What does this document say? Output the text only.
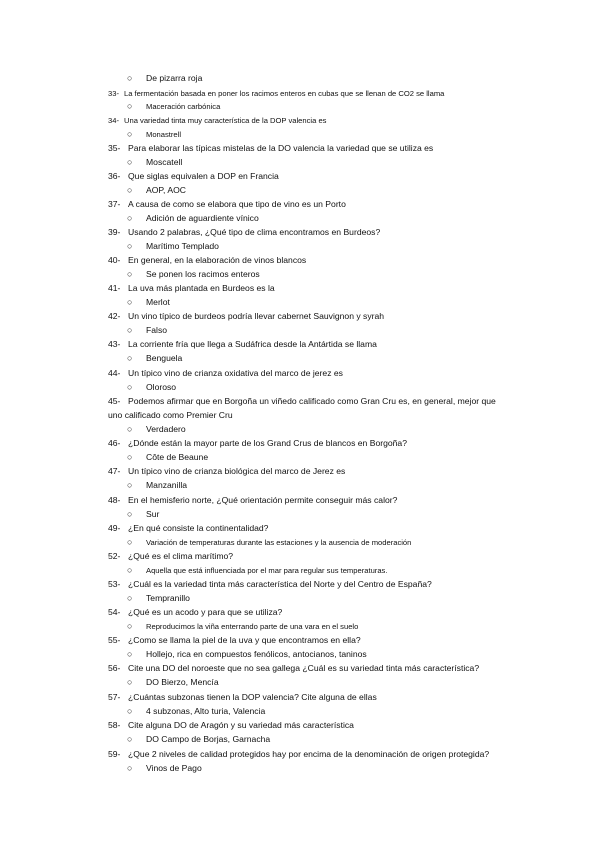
○ De pizarra roja
33- La fermentación basada en poner los racimos enteros en cubas que se llenan de CO2 se llama
○ Maceración carbónica
34- Una variedad tinta muy característica de la DOP valencia es
○ Monastrell
35- Para elaborar las típicas mistelas de la DO valencia la variedad que se utiliza es
○ Moscatell
36- Que siglas equivalen a DOP en Francia
○ AOP, AOC
37- A causa de como se elabora que tipo de vino es un Porto
○ Adición de aguardiente vínico
39- Usando 2 palabras, ¿Qué tipo de clima encontramos en Burdeos?
○ Marítimo Templado
40- En general, en la elaboración de vinos blancos
○ Se ponen los racimos enteros
41- La uva más plantada en Burdeos es la
○ Merlot
42- Un vino típico de burdeos podría llevar cabernet Sauvignon y syrah
○ Falso
43- La corriente fría que llega a Sudáfrica desde la Antártida se llama
○ Benguela
44- Un típico vino de crianza oxidativa del marco de jerez es
○ Oloroso
45- Podemos afirmar que en Borgoña un viñedo calificado como Gran Cru es, en general, mejor que
uno calificado como Premier Cru
○ Verdadero
46- ¿Dónde están la mayor parte de los Grand Crus de blancos en Borgoña?
○ Côte de Beaune
47- Un típico vino de crianza biológica del marco de Jerez es
○ Manzanilla
48- En el hemisferio norte, ¿Qué orientación permite conseguir más calor?
○ Sur
49- ¿En qué consiste la continentalidad?
○ Variación de temperaturas durante las estaciones y la ausencia de moderación
52- ¿Qué es el clima marítimo?
○ Aquella que está influenciada por el mar para regular sus temperaturas.
53- ¿Cuál es la variedad tinta más característica del Norte y del Centro de España?
○ Tempranillo
54- ¿Qué es un acodo y para que se utiliza?
○ Reproducimos la viña enterrando parte de una vara en el suelo
55- ¿Como se llama la piel de la uva y que encontramos en ella?
○ Hollejo, rica en compuestos fenólicos, antocianos, taninos
56- Cite una DO del noroeste que no sea gallega ¿Cuál es su variedad tinta más característica?
○ DO Bierzo, Mencía
57- ¿Cuántas subzonas tienen la DOP valencia? Cite alguna de ellas
○ 4 subzonas, Alto turia, Valencia
58- Cite alguna DO de Aragón y su variedad más característica
○ DO Campo de Borjas, Garnacha
59- ¿Que 2 niveles de calidad protegidos hay por encima de la denominación de origen protegida?
○ Vinos de Pago
